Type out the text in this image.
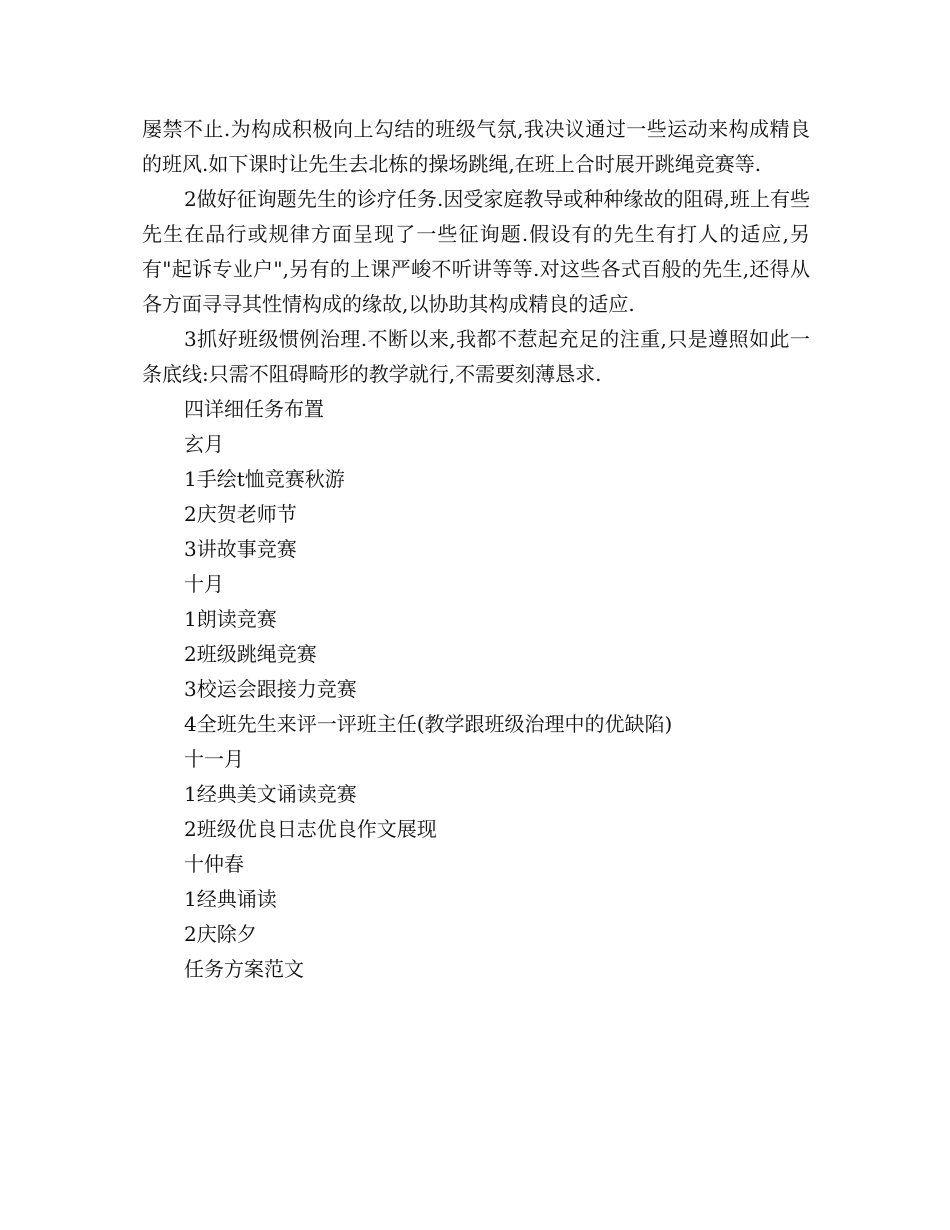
屡禁不止.为构成积极向上勾结的班级气氛,我决议通过一些运动来构成精良的班风.如下课时让先生去北栋的操场跳绳,在班上合时展开跳绳竞赛等.

2做好征询题先生的诊疗任务.因受家庭教导或种种缘故的阻碍,班上有些先生在品行或规律方面呈现了一些征询题.假设有的先生有打人的适应,另有"起诉专业户",另有的上课严峻不听讲等等.对这些各式百般的先生,还得从各方面寻寻其性情构成的缘故,以协助其构成精良的适应.

3抓好班级惯例治理.不断以来,我都不惹起充足的注重,只是遵照如此一条底线:只需不阻碍畸形的教学就行,不需要刻薄恳求.

四详细任务布置
玄月
1手绘t恤竞赛秋游
2庆贺老师节
3讲故事竞赛
十月
1朗读竞赛
2班级跳绳竞赛
3校运会跟接力竞赛
4全班先生来评一评班主任(教学跟班级治理中的优缺陷)
十一月
1经典美文诵读竞赛
2班级优良日志优良作文展现
十仲春
1经典诵读
2庆除夕
任务方案范文
